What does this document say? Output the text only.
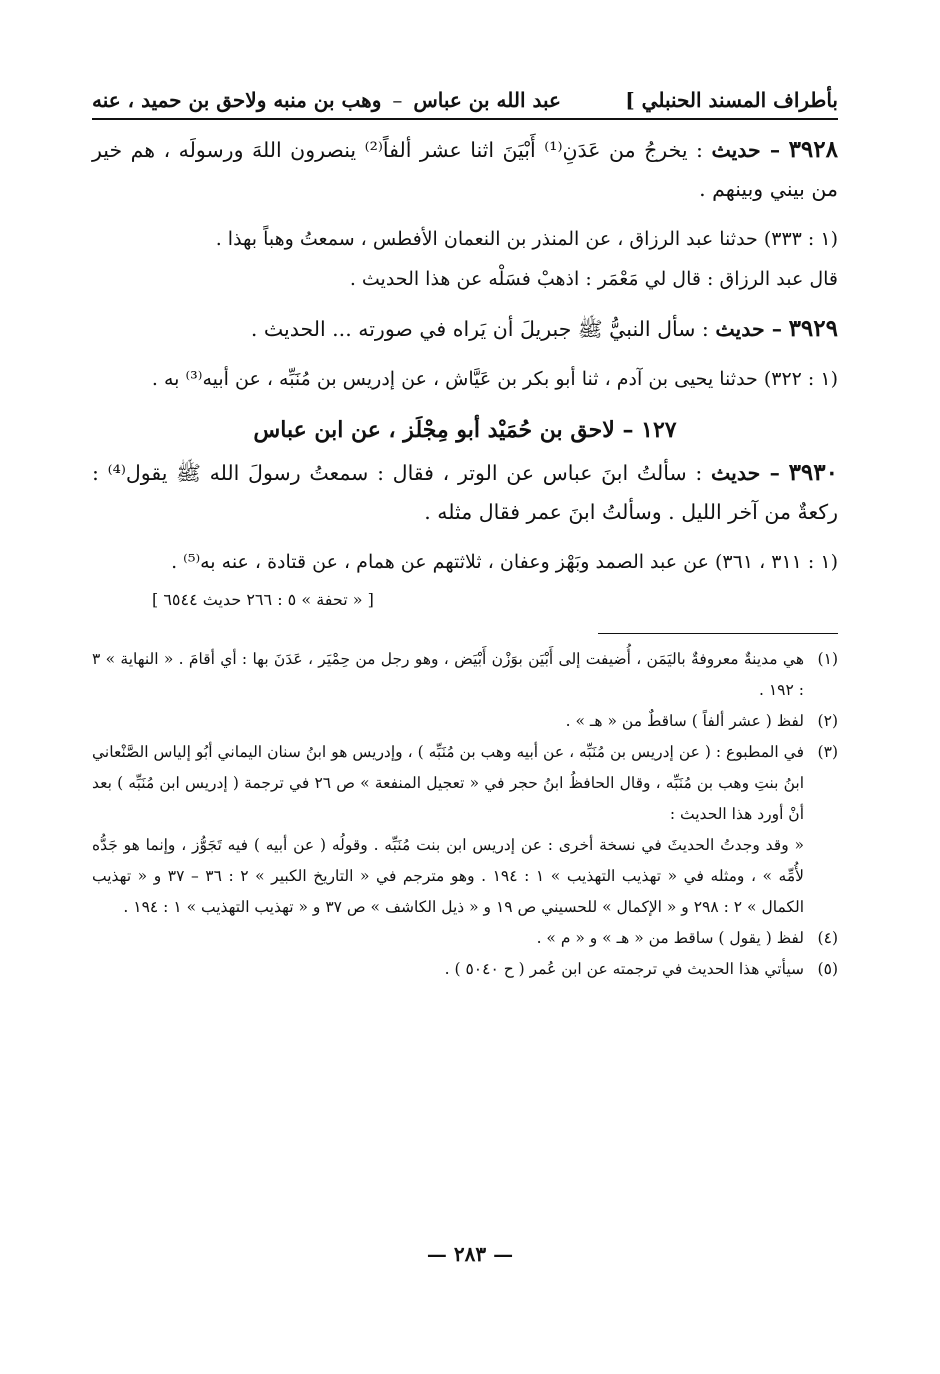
بأطراف المسند الحنبلي ]
عبد الله بن عباس – وهب بن منبه ولاحق بن حميد ، عنه
٣٩٢٨ – حديث : يخرجُ من عَدَنِ⁽¹⁾ أَبْيَنَ اثنا عشر ألفاً⁽²⁾ ينصرون اللهَ ورسولَه ، هم خير من بيني وبينهم .
(١ : ٣٣٣) حدثنا عبد الرزاق ، عن المنذر بن النعمان الأفطس ، سمعتُ وهباً بهذا .
قال عبد الرزاق : قال لي مَعْمَر : اذهبْ فسَلْه عن هذا الحديث .
٣٩٢٩ – حديث : سأل النبيُّ ﷺ جبريلَ أن يَراه في صورته ... الحديث .
(١ : ٣٢٢) حدثنا يحيى بن آدم ، ثنا أبو بكر بن عَيَّاش ، عن إدريس بن مُنَبِّه ، عن أبيه⁽³⁾ به .
١٢٧ – لاحق بن حُمَيْد أبو مِجْلَز ، عن ابن عباس
٣٩٣٠ – حديث : سألتُ ابنَ عباس عن الوتر ، فقال : سمعتُ رسولَ الله ﷺ يقول⁽⁴⁾ : ركعةٌ من آخر الليل . وسألتُ ابنَ عمر فقال مثله .
(١ : ٣١١ ، ٣٦١) عن عبد الصمد وبَهْز وعفان ، ثلاثتهم عن همام ، عن قتادة ، عنه به⁽⁵⁾ .
[ « تحفة » ٥ : ٢٦٦ حديث ٦٥٤٤ ]
(١)
هي مدينةٌ معروفةٌ باليَمَن ، أُضيفت إلى أَبْيَن بوَزْن أَبْيَض ، وهو رجل من حِمْيَر ، عَدَنَ بها : أي أقامَ . « النهاية » ٣ : ١٩٢ .
(٢)
لفظ ( عشر ألفاً ) ساقطٌ من « هـ » .
(٣)
في المطبوع : ( عن إدريس بن مُنَبِّه ، عن أبيه وهب بن مُنَبِّه ) ، وإدريس هو ابنُ سنان اليماني أبُو إلياس الصَّنْعاني ابنُ بنتِ وهب بن مُنَبِّه ، وقال الحافظُ ابنُ حجر في « تعجيل المنفعة » ص ٢٦ في ترجمة ( إدريس ابن مُنَبِّه ) بعد أنْ أورد هذا الحديث :
« وقد وجدتُ الحديثَ في نسخة أخرى : عن إدريس ابن بنت مُنَبِّه . وقولُه ( عن أبيه ) فيه تَجَوُّز ، وإنما هو جَدُّه لأُمِّه » ، ومثله في « تهذيب التهذيب » ١ : ١٩٤ . وهو مترجم في « التاريخ الكبير » ٢ : ٣٦ – ٣٧ و « تهذيب الكمال » ٢ : ٢٩٨ و « الإكمال » للحسيني ص ١٩ و « ذيل الكاشف » ص ٣٧ و « تهذيب التهذيب » ١ : ١٩٤ .
(٤)
لفظ ( يقول ) ساقط من « هـ » و « م » .
(٥)
سيأتي هذا الحديث في ترجمته عن ابن عُمر ( ح ٥٠٤٠ ) .
— ٢٨٣ —
